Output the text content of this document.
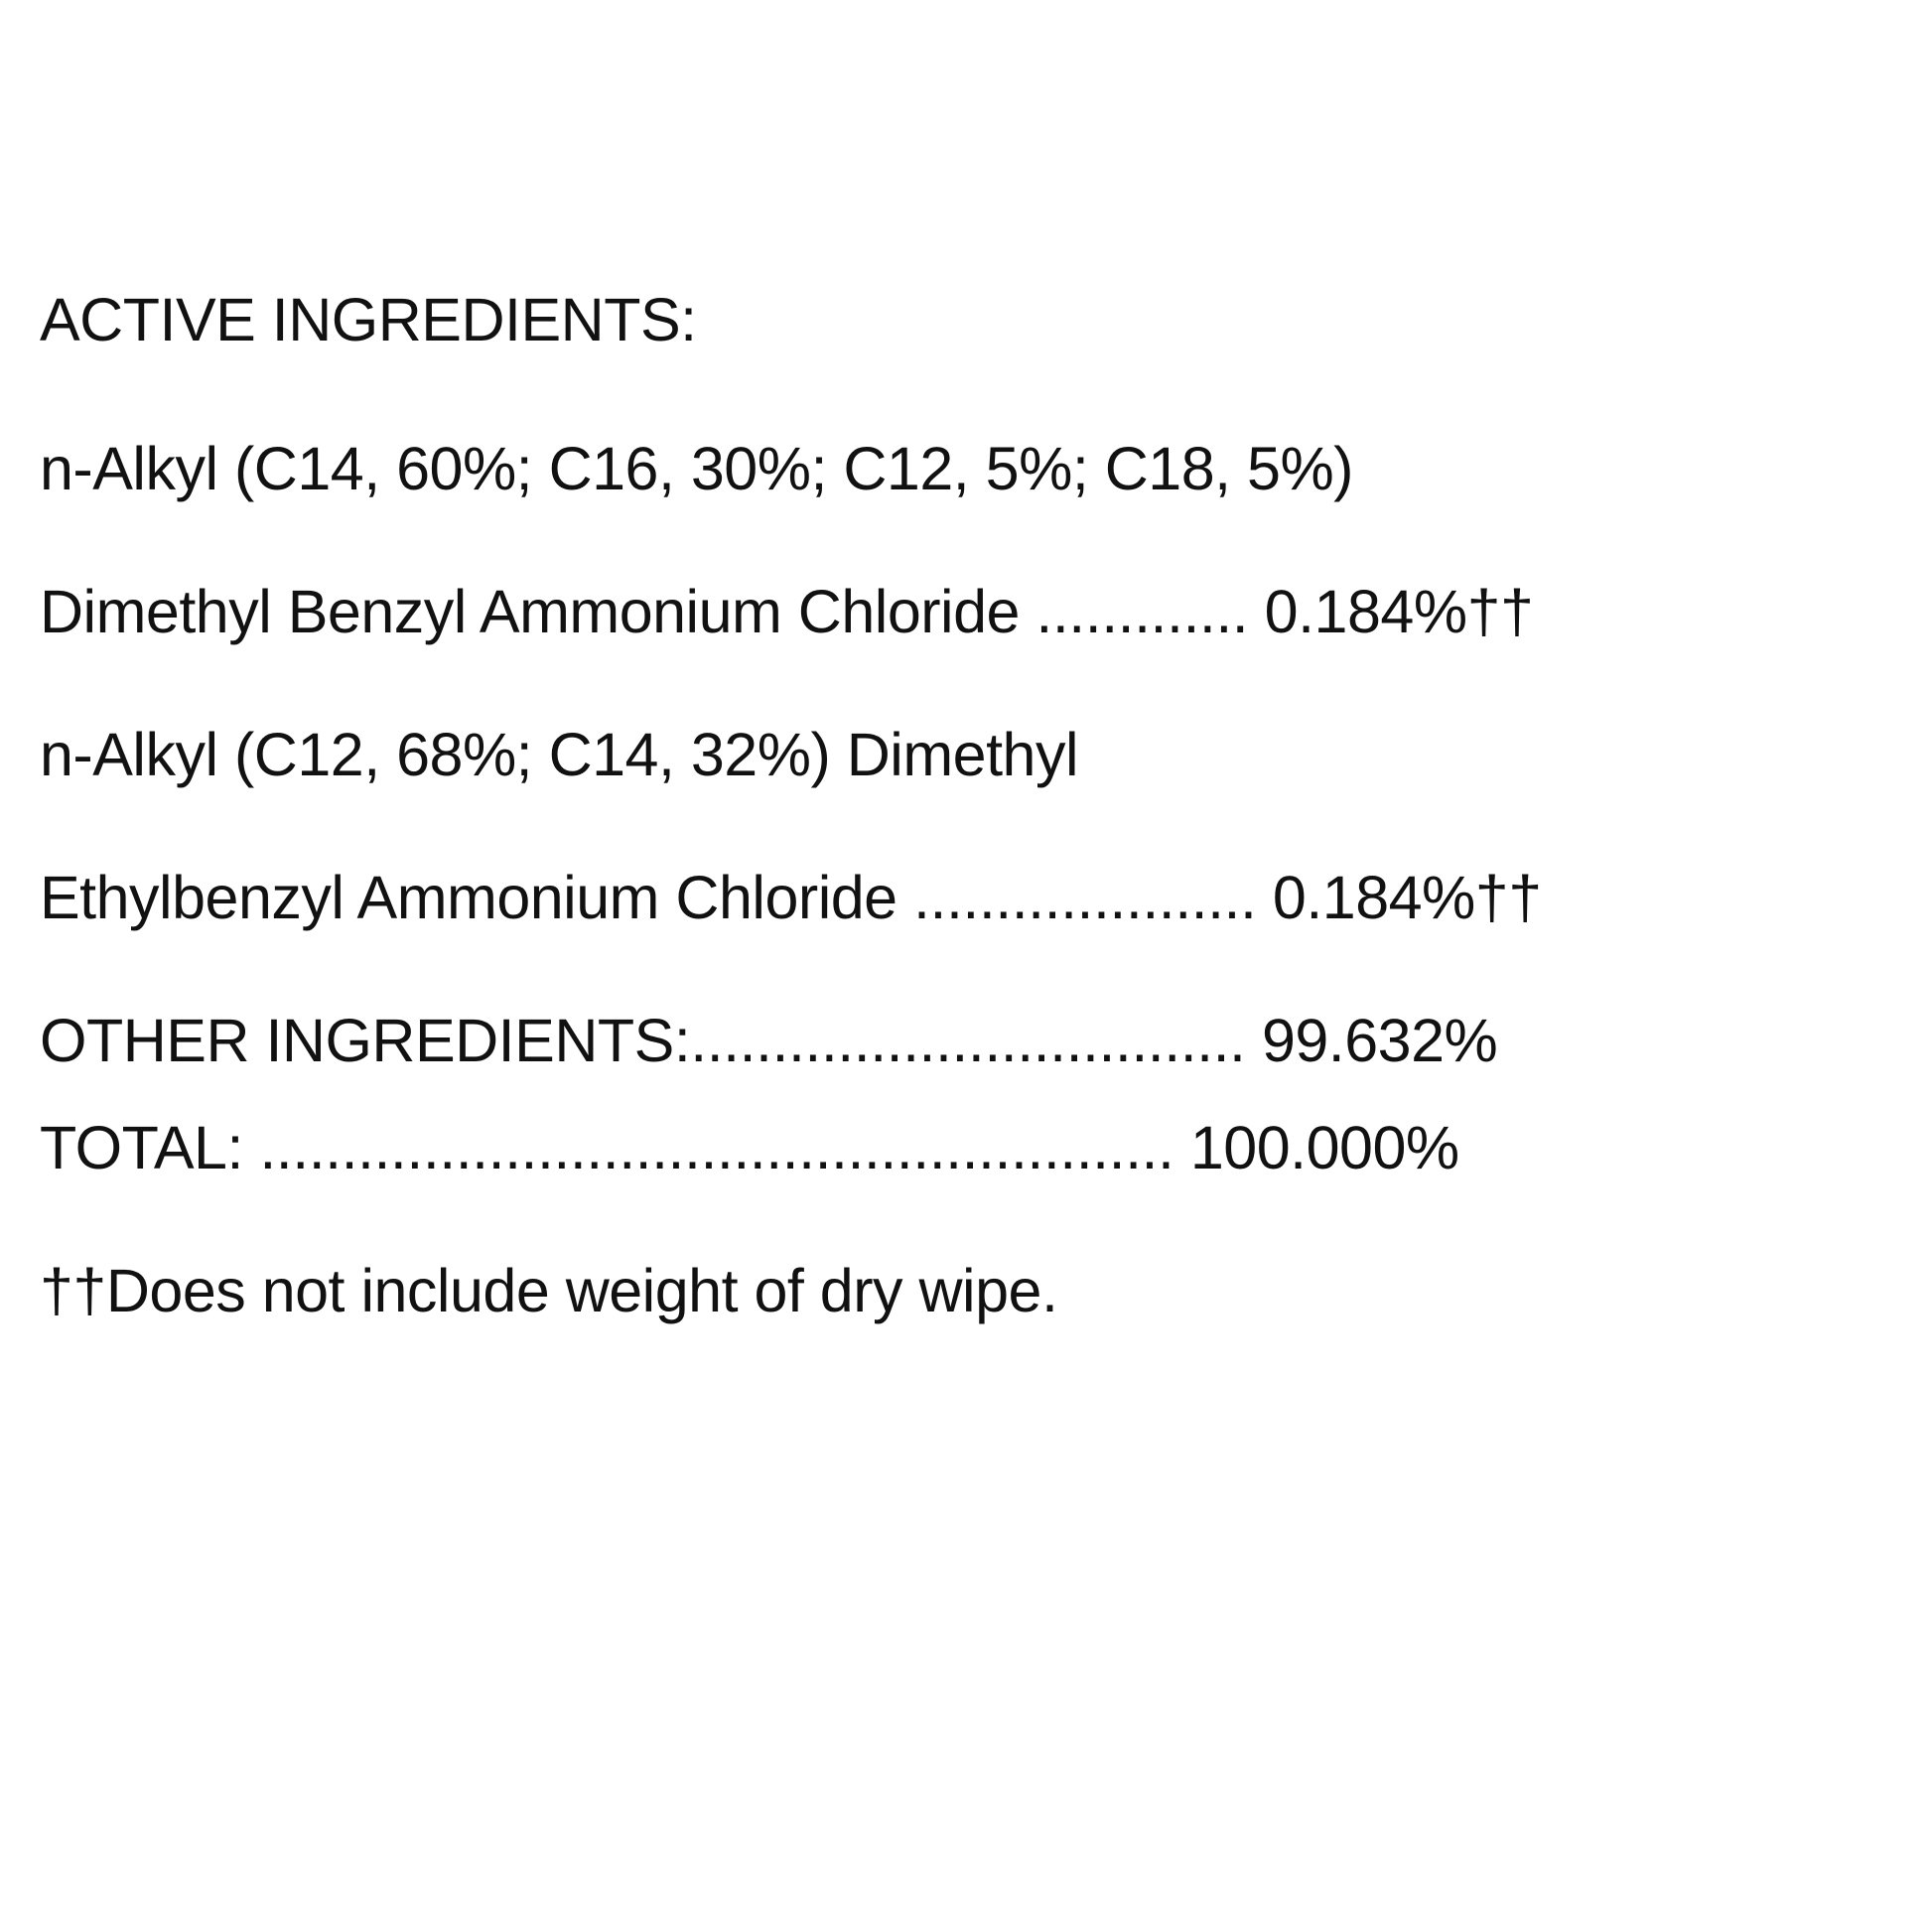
ACTIVE INGREDIENTS:

n-Alkyl (C14, 60%; C16, 30%; C12, 5%; C18, 5%)

Dimethyl Benzyl Ammonium Chloride ............. 0.184%††

n-Alkyl (C12, 68%; C14, 32%) Dimethyl

Ethylbenzyl Ammonium Chloride ..................... 0.184%††

OTHER INGREDIENTS:.................................. 99.632%

TOTAL: ........................................................ 100.000%

††Does not include weight of dry wipe.
